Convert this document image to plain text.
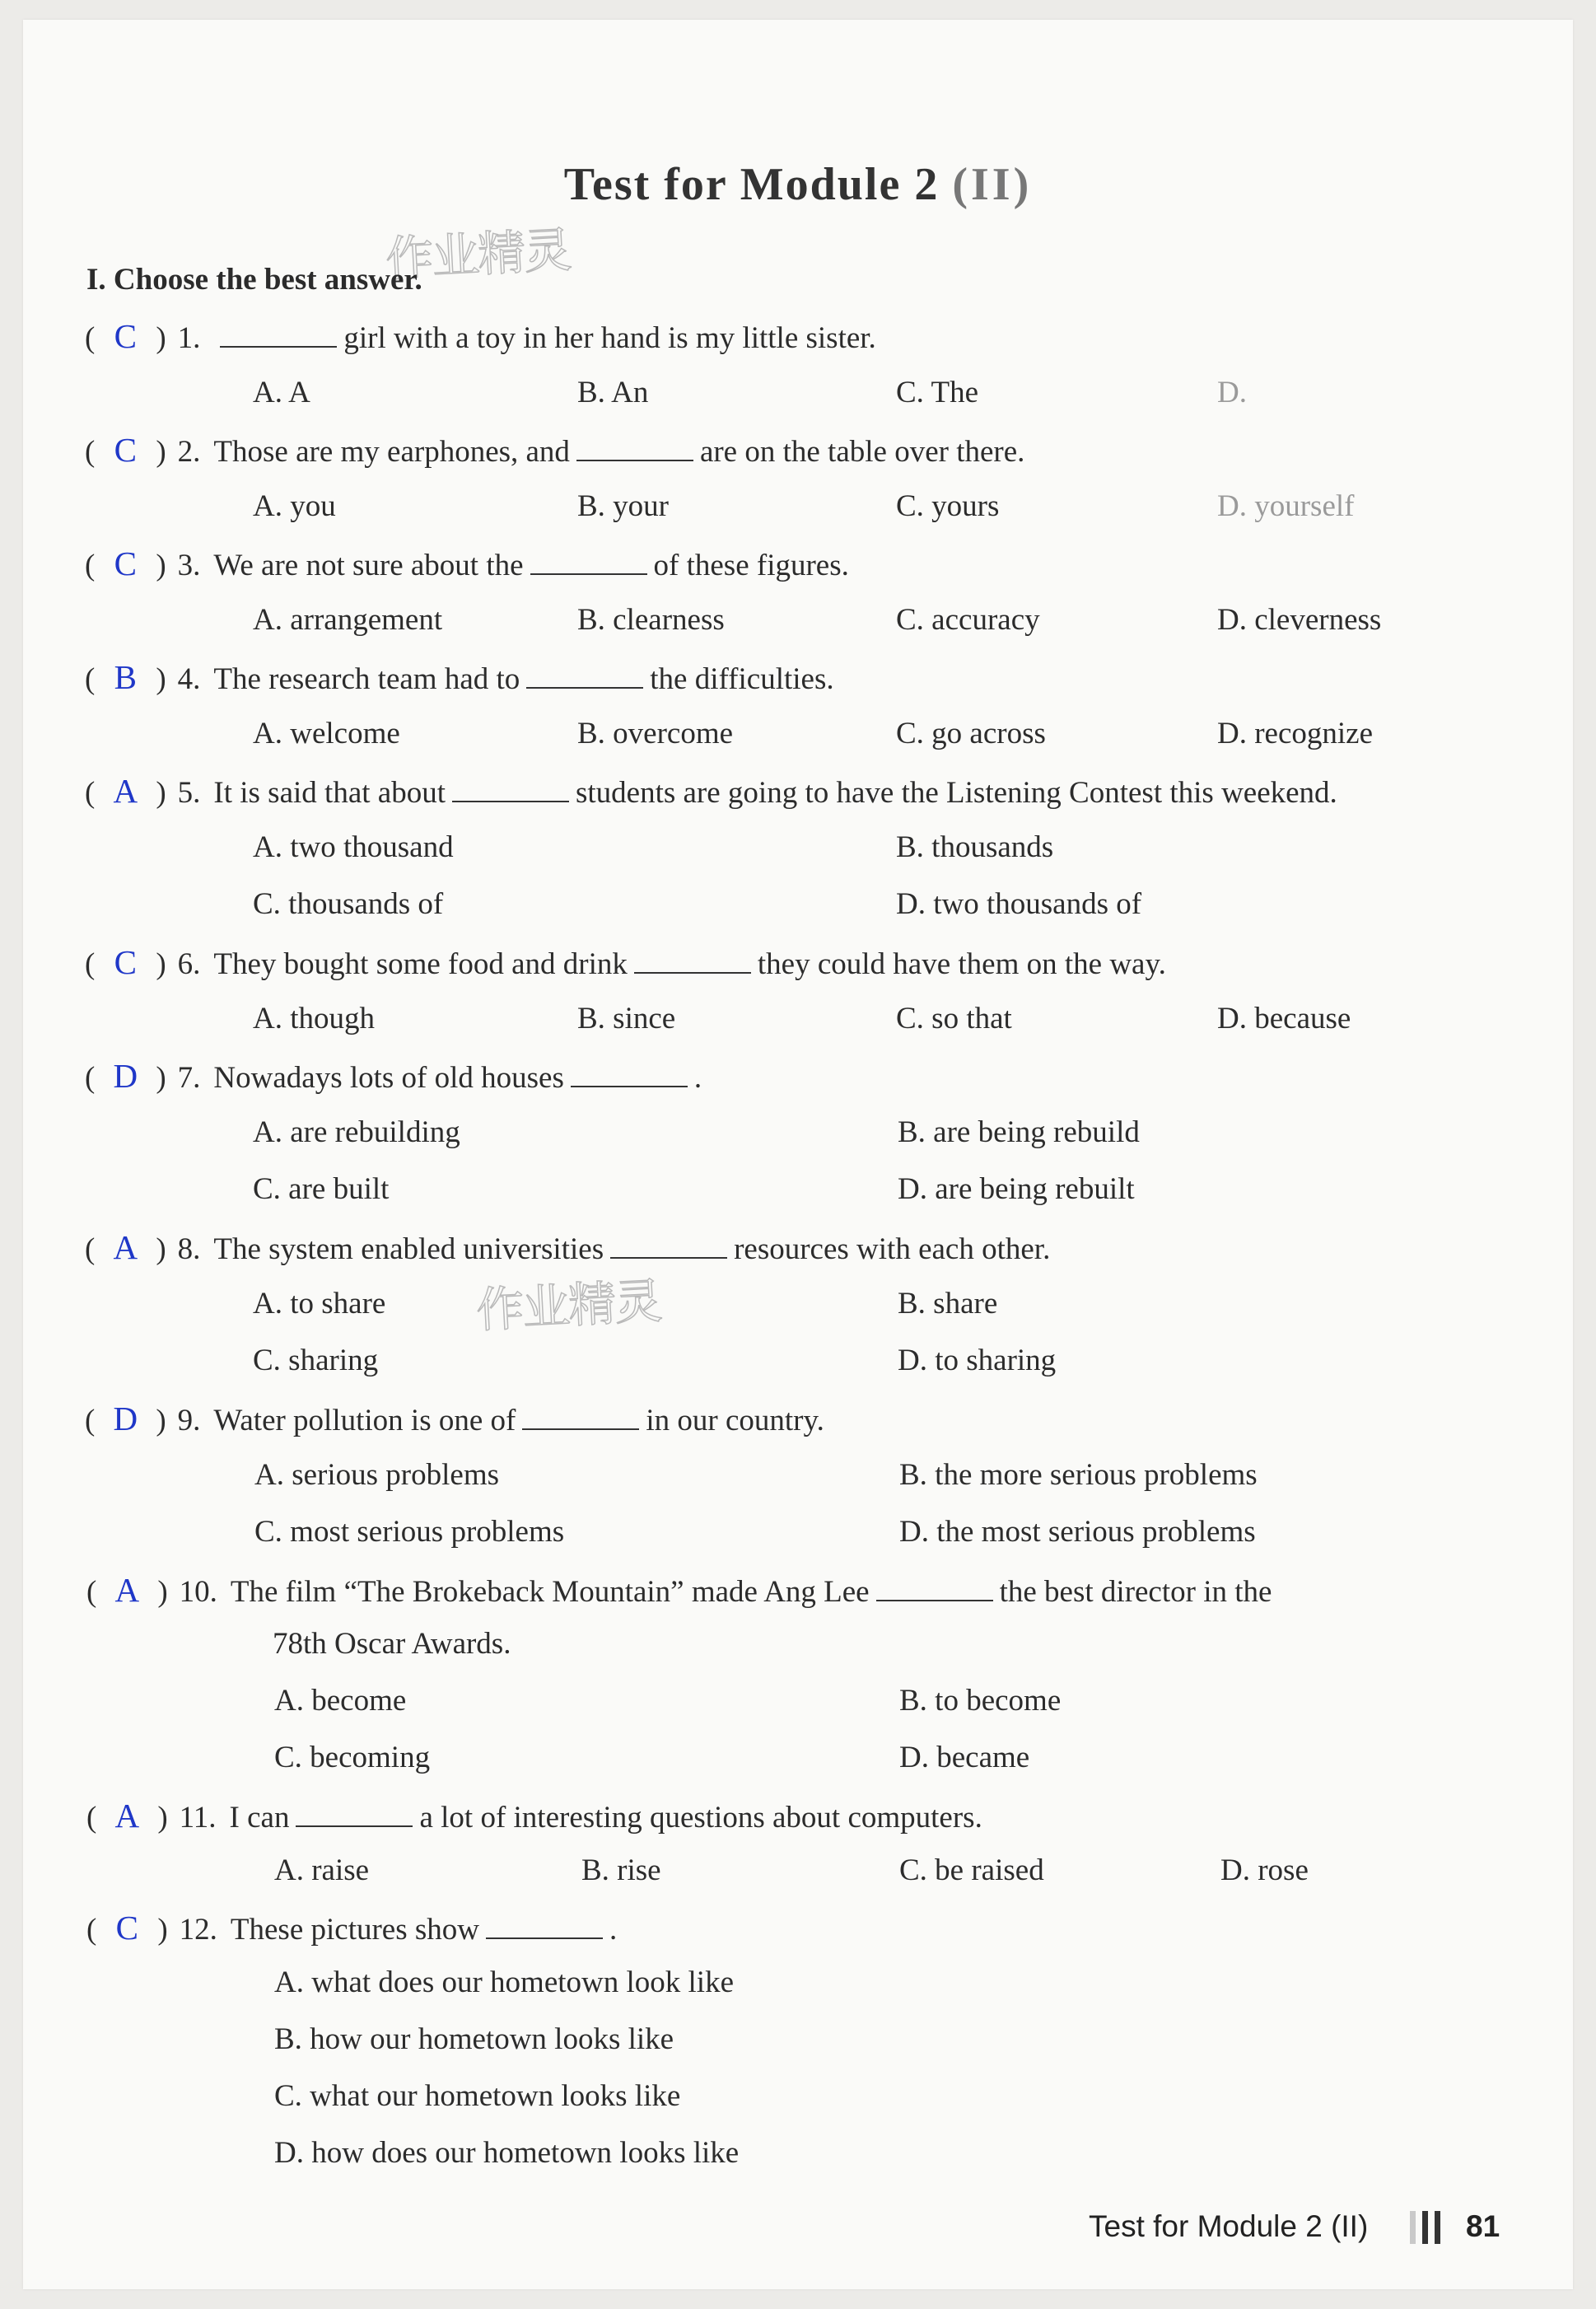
Test for Module 2 (II)
作业精灵
作业精灵
I. Choose the best answer.
( C ) 1.	girl with a toy in her hand is my little sister.
A. A	B. An	C. The	D.
( C ) 2. Those are my earphones, and	are on the table over there.
A. you	B. your	C. yours	D. yourself
( C ) 3. We are not sure about the	of these figures.
A. arrangement	B. clearness	C. accuracy	D. cleverness
( B ) 4. The research team had to	the difficulties.
A. welcome	B. overcome	C. go across	D. recognize
( A ) 5. It is said that about	students are going to have the Listening Contest this weekend.
A. two thousand	B. thousands
C. thousands of	D. two thousands of
( C ) 6. They bought some food and drink	they could have them on the way.
A. though	B. since	C. so that	D. because
( D ) 7. Nowadays lots of old houses	.
A. are rebuilding	B. are being rebuild
C. are built	D. are being rebuilt
( A ) 8. The system enabled universities	resources with each other.
A. to share	B. share
C. sharing	D. to sharing
( D ) 9. Water pollution is one of	in our country.
A. serious problems	B. the more serious problems
C. most serious problems	D. the most serious problems
( A ) 10. The film “The Brokeback Mountain” made Ang Lee	the best director in the
78th Oscar Awards.
A. become	B. to become
C. becoming	D. became
( A ) 11. I can	a lot of interesting questions about computers.
A. raise	B. rise	C. be raised	D. rose
( C ) 12. These pictures show	.
A. what does our hometown look like
B. how our hometown looks like
C. what our hometown looks like
D. how does our hometown looks like
Test for Module 2 (II)	81
